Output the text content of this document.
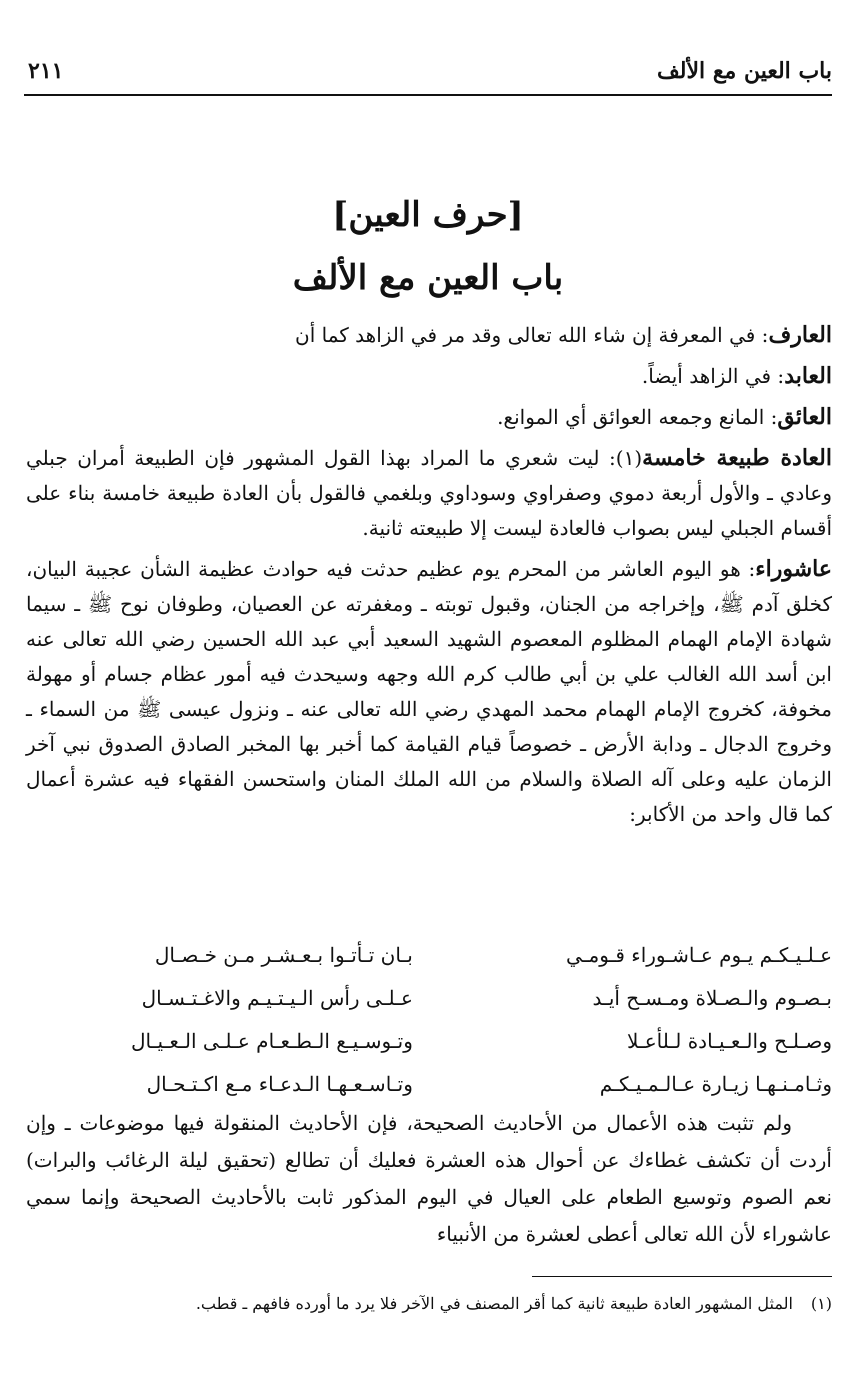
باب العين مع الألف
٢١١
[حرف العين]
باب العين مع الألف

العارف: في المعرفة إن شاء الله تعالى وقد مر في الزاهد كما أن

العابد: في الزاهد أيضاً.

العائق: المانع وجمعه العوائق أي الموانع.

العادة طبيعة خامسة(١): ليت شعري ما المراد بهذا القول المشهور فإن الطبيعة أمران جبلي وعادي ـ والأول أربعة دموي وصفراوي وسوداوي وبلغمي فالقول بأن العادة طبيعة خامسة بناء على أقسام الجبلي ليس بصواب فالعادة ليست إلا طبيعته ثانية.

عاشوراء: هو اليوم العاشر من المحرم يوم عظيم حدثت فيه حوادث عظيمة الشأن عجيبة البيان، كخلق آدم ﷺ، وإخراجه من الجنان، وقبول توبته ـ ومغفرته عن العصيان، وطوفان نوح ﷺ ـ سيما شهادة الإمام الهمام المظلوم المعصوم الشهيد السعيد أبي عبد الله الحسين رضي الله تعالى عنه ابن أسد الله الغالب علي بن أبي طالب كرم الله وجهه وسيحدث فيه أمور عظام جسام أو مهولة مخوفة، كخروج الإمام الهمام محمد المهدي رضي الله تعالى عنه ـ ونزول عيسى ﷺ من السماء ـ وخروج الدجال ـ ودابة الأرض ـ خصوصاً قيام القيامة كما أخبر بها المخبر الصادق الصدوق نبي آخر الزمان عليه وعلى آله الصلاة والسلام من الله الملك المنان واستحسن الفقهاء فيه عشرة أعمال كما قال واحد من الأكابر:

عـلـيـكـم يـوم عـاشـوراء قـومـي
بـان تـأتـوا بـعـشـر مـن خـصـال
بـصـوم والـصـلاة ومـسـح أيـد
عـلـى رأس الـيـتـيـم والاغـتـسـال
وصـلـح والـعـيـادة لـلأعـلا
وتـوسـيـع الـطـعـام عـلـى الـعـيـال
وثـامـنـهـا زيـارة عـالـمـيـكـم
وتـاسـعـهـا الـدعـاء مـع اكـتـحـال

ولم تثبت هذه الأعمال من الأحاديث الصحيحة، فإن الأحاديث المنقولة فيها موضوعات ـ وإن أردت أن تكشف غطاءك عن أحوال هذه العشرة فعليك أن تطالع (تحقيق ليلة الرغائب والبرات) نعم الصوم وتوسيع الطعام على العيال في اليوم المذكور ثابت بالأحاديث الصحيحة وإنما سمي عاشوراء لأن الله تعالى أعطى لعشرة من الأنبياء

(١)المثل المشهور العادة طبيعة ثانية كما أقر المصنف في الآخر فلا يرد ما أورده فافهم ـ قطب.
